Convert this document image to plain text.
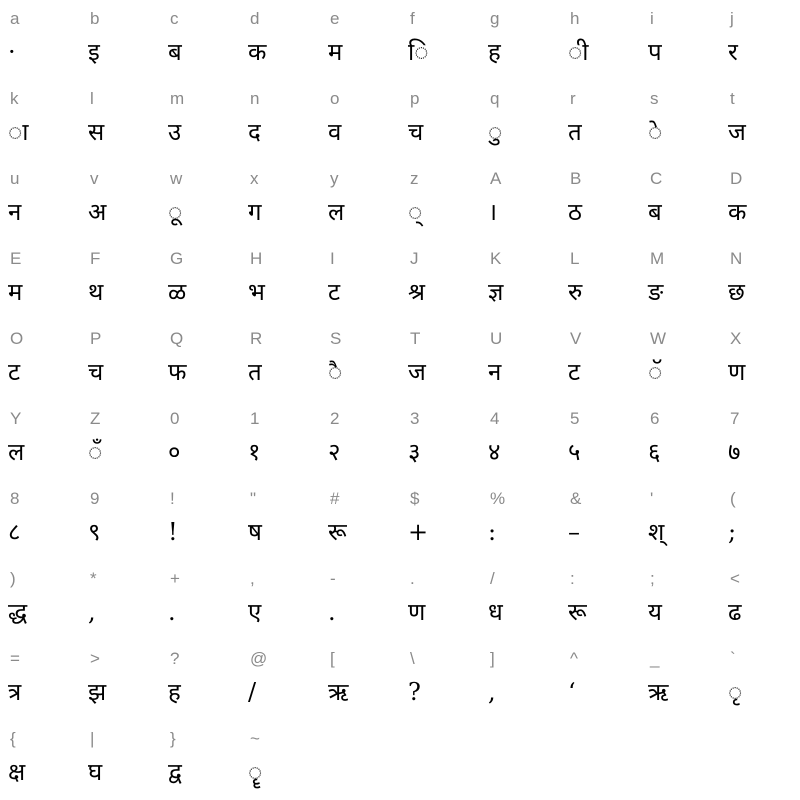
a
·
b
इ
c
ब
d
क
e
म
f
ि
g
ह
h
ी
i
प
j
र
k
ा
l
स
m
उ
n
द
o
व
p
च
q
ु
r
त
s
े
t
ज
u
न
v
अ
w
ू
x
ग
y
ल
z
्
A
।
B
ठ
C
ब
D
क
E
म
F
थ
G
ळ
H
भ
I
ट
J
श्र
K
ज्ञ
L
रु
M
ङ
N
छ
O
ट
P
च
Q
फ
R
त
S
ै
T
ज
U
न
V
ट
W
ॅ
X
ण
Y
ल
Z
ँ
0
०
1
१
2
२
3
३
4
४
5
५
6
६
7
७
8
८
9
९
!
!
"
ष
#
रू
$
+
%
:
&
–
'
श्
(
;
)
द्ध
*
,
+
.
,
ए
-
.
.
ण
/
ध
:
रू
;
य
<
ढ
=
त्र
>
झ
?
ह
@
/
[
ऋ
\
?
]
,
^
‘
_
ऋ
`
ृ
{
क्ष
|
घ
}
द्व
~
ॄ
